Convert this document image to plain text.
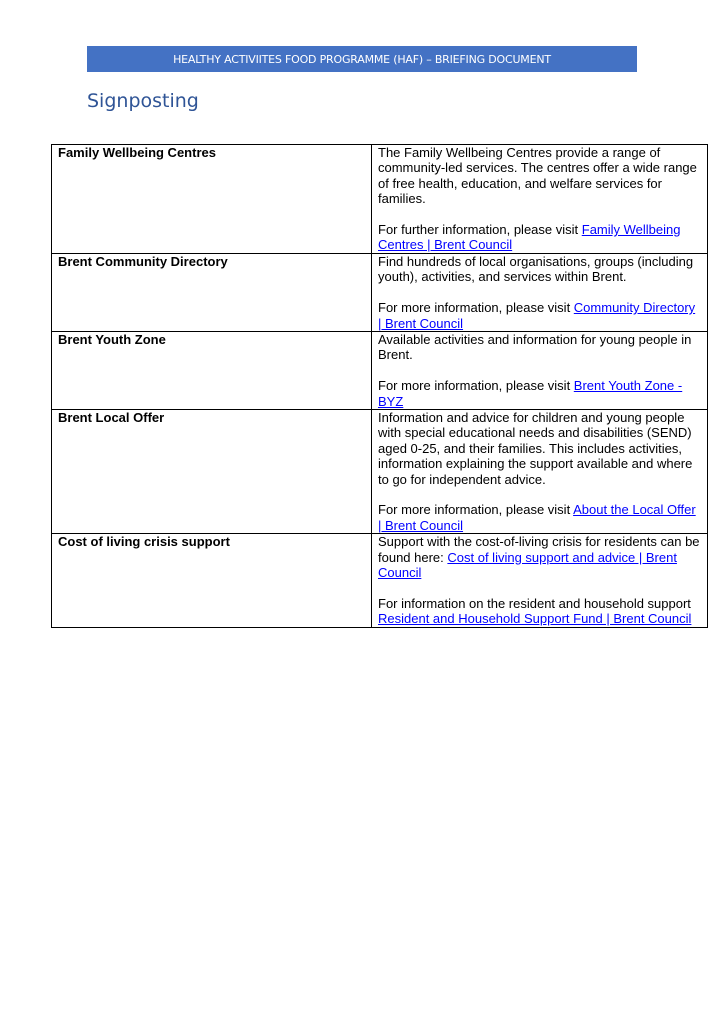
HEALTHY ACTIVIITES FOOD PROGRAMME (HAF) – BRIEFING DOCUMENT
Signposting
Family Wellbeing Centres	The Family Wellbeing Centres provide a range of community-led services. The centres offer a wide range of free health, education, and welfare services for families.
For further information, please visit Family Wellbeing Centres | Brent Council

Brent Community Directory	Find hundreds of local organisations, groups (including youth), activities, and services within Brent.
For more information, please visit Community Directory | Brent Council

Brent Youth Zone	Available activities and information for young people in Brent.
For more information, please visit Brent Youth Zone - BYZ

Brent Local Offer	Information and advice for children and young people with special educational needs and disabilities (SEND) aged 0-25, and their families. This includes activities, information explaining the support available and where to go for independent advice.
For more information, please visit About the Local Offer | Brent Council

Cost of living crisis support	Support with the cost-of-living crisis for residents can be found here: Cost of living support and advice | Brent Council
For information on the resident and household support Resident and Household Support Fund | Brent Council
